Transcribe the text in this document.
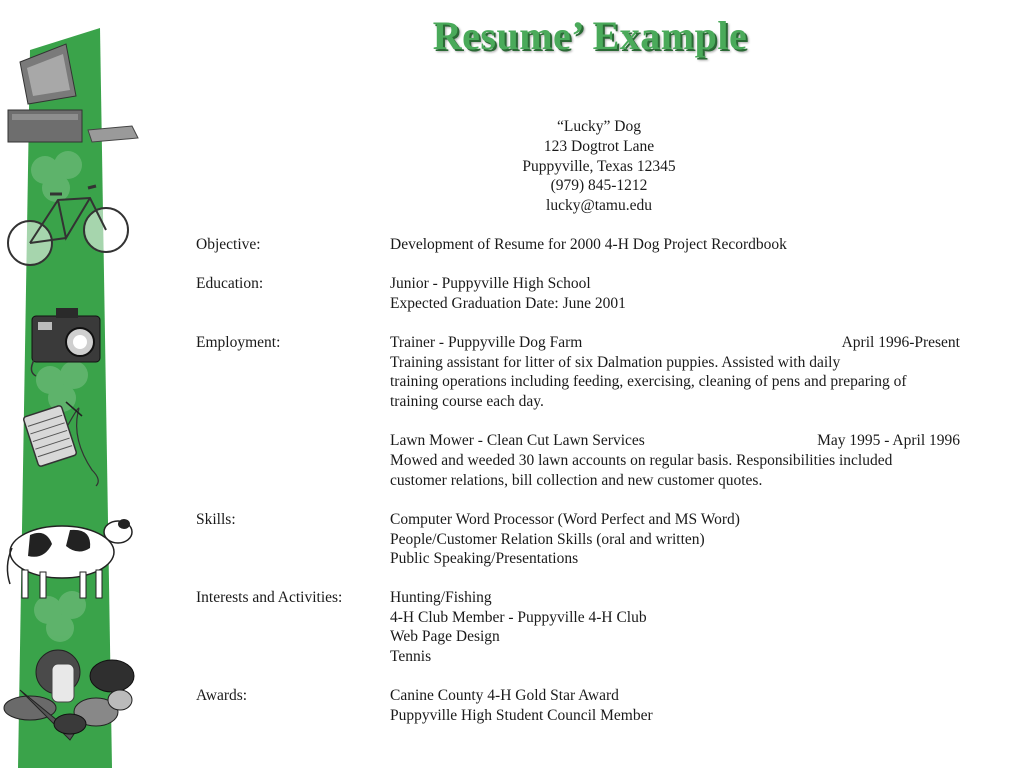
Resume’ Example
“Lucky” Dog
123 Dogtrot Lane
Puppyville, Texas 12345
(979) 845-1212
lucky@tamu.edu
Objective:	Development of Resume for 2000 4-H Dog Project Recordbook
Education:	Junior - Puppyville High School
Expected Graduation Date: June 2001
Employment:	Trainer - Puppyville Dog Farm	April 1996-Present
Training assistant for litter of six Dalmation puppies. Assisted with daily
training operations including feeding, exercising, cleaning of pens and preparing of
training course each day.
Lawn Mower - Clean Cut Lawn Services	May 1995 - April 1996
Mowed and weeded 30 lawn accounts on regular basis. Responsibilities included
customer relations, bill collection and new customer quotes.
Skills:	Computer Word Processor (Word Perfect and MS Word)
People/Customer Relation Skills (oral and written)
Public Speaking/Presentations
Interests and Activities:	Hunting/Fishing
4-H Club Member - Puppyville 4-H Club
Web Page Design
Tennis
Awards:	Canine County 4-H Gold Star Award
Puppyville High Student Council Member
